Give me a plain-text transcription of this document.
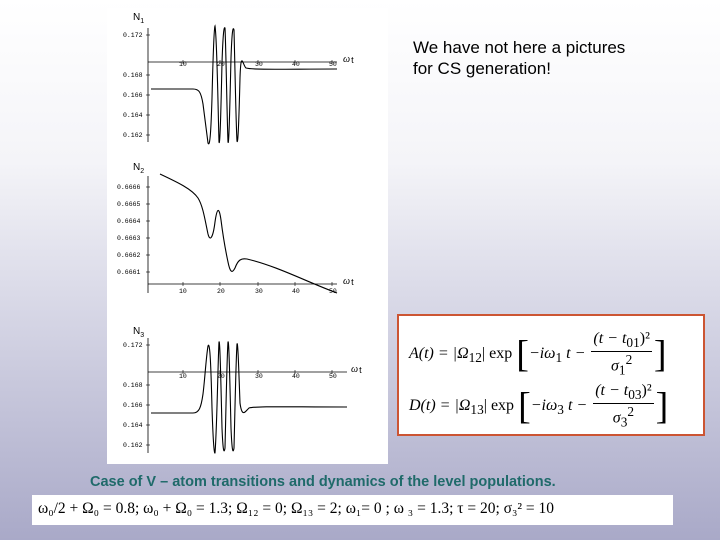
$N_1$
ωt
10	20	30	40	50
0.172
0.168
0.166
0.164
0.162
$N_2$
ωt
10	20	30	40	50
0.6666
0.6665
0.6664
0.6663
0.6662
0.6661
$N_3$
ωt
10	20	30	40	50
0.172
0.168
0.166
0.164
0.162
We have not here a pictures
for CS generation!
$A(t) = |\Omega_{12}|$ $\exp [-i\omega_1$ $t - \frac{(t - t_{01})^2}{\sigma_1^2}$ ]
$D(t) = |\Omega_{13}|$ $\exp [-i\omega_3$ $t - \frac{(t - t_{03})^2}{\sigma_3^2}$ ]
Case of V – atom transitions and dynamics of the level populations.
ω₀/2 + Ω₀ = 0.8; ω₀ + Ω₀ = 1.3; Ω₁₂ = 0; Ω₁₃ = 2; ω₁= 0 ; ω ₃ = 1.3; τ = 20; σ₃² = 10
